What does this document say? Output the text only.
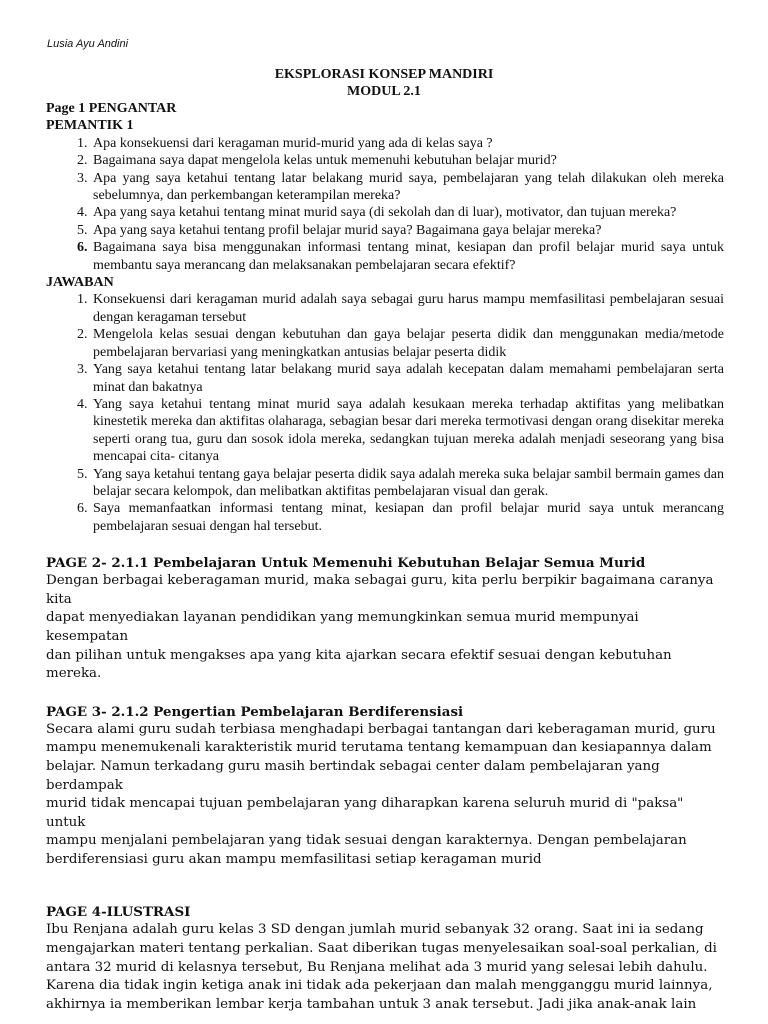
Lusia Ayu Andini
EKSPLORASI KONSEP MANDIRI
MODUL 2.1
Page 1 PENGANTAR
PEMANTIK 1
1. Apa konsekuensi dari keragaman murid-murid yang ada di kelas saya ?
2. Bagaimana saya dapat mengelola kelas untuk memenuhi kebutuhan belajar murid?
3. Apa yang saya ketahui tentang latar belakang murid saya, pembelajaran yang telah dilakukan oleh mereka sebelumnya, dan perkembangan keterampilan mereka?
4. Apa yang saya ketahui tentang minat murid saya (di sekolah dan di luar), motivator, dan tujuan mereka?
5. Apa yang saya ketahui tentang profil belajar murid saya? Bagaimana gaya belajar mereka?
6. Bagaimana saya bisa menggunakan informasi tentang minat, kesiapan dan profil belajar murid saya untuk membantu saya merancang dan melaksanakan pembelajaran secara efektif?
JAWABAN
1. Konsekuensi dari keragaman murid adalah saya sebagai guru harus mampu memfasilitasi pembelajaran sesuai dengan keragaman tersebut
2. Mengelola kelas sesuai dengan kebutuhan dan gaya belajar peserta didik dan menggunakan media/metode pembelajaran bervariasi yang meningkatkan antusias belajar peserta didik
3. Yang saya ketahui tentang latar belakang murid saya adalah kecepatan dalam memahami pembelajaran serta minat dan bakatnya
4. Yang saya ketahui tentang minat murid saya adalah kesukaan mereka terhadap aktifitas yang melibatkan kinestetik mereka dan aktifitas olaharaga, sebagian besar dari mereka termotivasi dengan orang disekitar mereka seperti orang tua, guru dan sosok idola mereka, sedangkan tujuan mereka adalah menjadi seseorang yang bisa mencapai cita- citanya
5. Yang saya ketahui tentang gaya belajar peserta didik saya adalah mereka suka belajar sambil bermain games dan belajar secara kelompok, dan melibatkan aktifitas pembelajaran visual dan gerak.
6. Saya memanfaatkan informasi tentang minat, kesiapan dan profil belajar murid saya untuk merancang pembelajaran sesuai dengan hal tersebut.
PAGE 2- 2.1.1 Pembelajaran Untuk Memenuhi Kebutuhan Belajar Semua Murid
Dengan berbagai keberagaman murid, maka sebagai guru, kita perlu berpikir bagaimana caranya kita
dapat menyediakan layanan pendidikan yang memungkinkan semua murid mempunyai kesempatan
dan pilihan untuk mengakses apa yang kita ajarkan secara efektif sesuai dengan kebutuhan mereka.
PAGE 3- 2.1.2 Pengertian Pembelajaran Berdiferensiasi
Secara alami guru sudah terbiasa menghadapi berbagai tantangan dari keberagaman murid, guru
mampu menemukenali karakteristik murid terutama tentang kemampuan dan kesiapannya dalam
belajar. Namun terkadang guru masih bertindak sebagai center dalam pembelajaran yang berdampak
murid tidak mencapai tujuan pembelajaran yang diharapkan karena seluruh murid di "paksa" untuk
mampu menjalani pembelajaran yang tidak sesuai dengan karakternya. Dengan pembelajaran
berdiferensiasi guru akan mampu memfasilitasi setiap keragaman murid
PAGE 4-ILUSTRASI
Ibu Renjana adalah guru kelas 3 SD dengan jumlah murid sebanyak 32 orang. Saat ini ia sedang
mengajarkan materi tentang perkalian. Saat diberikan tugas menyelesaikan soal-soal perkalian, di
antara 32 murid di kelasnya tersebut, Bu Renjana melihat ada 3 murid yang selesai lebih dahulu.
Karena dia tidak ingin ketiga anak ini tidak ada pekerjaan dan malah mengganggu murid lainnya,
akhirnya ia memberikan lembar kerja tambahan untuk 3 anak tersebut. Jadi jika anak-anak lain
